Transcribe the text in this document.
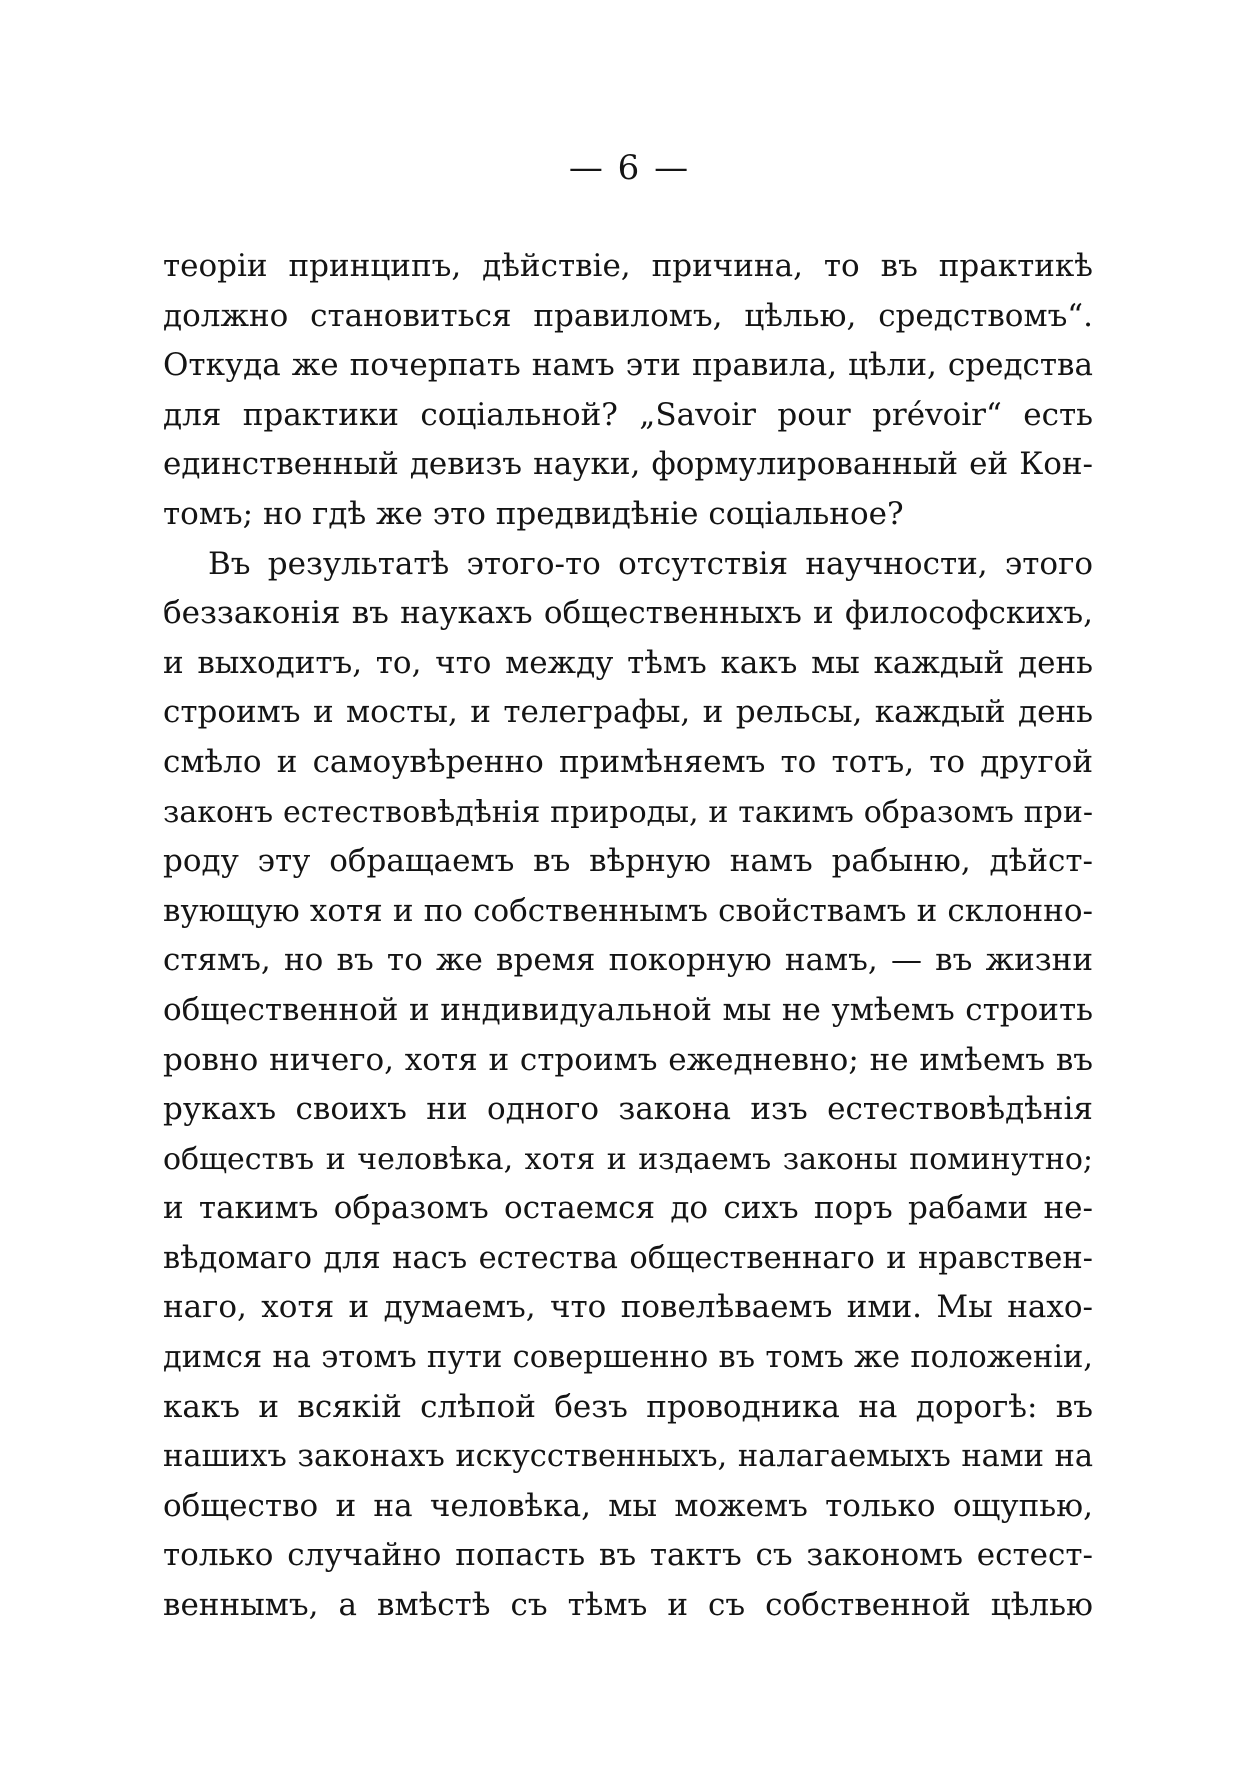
— 6 —
теоріи принципъ, дѣйствіе, причина, то въ практикѣ
должно становиться правиломъ, цѣлью, средствомъ“.
Откуда же почерпать намъ эти правила, цѣли, средства
для практики соціальной? „Savoir pour prévoir“ есть
единственный девизъ науки, формулированный ей Кон-
томъ; но гдѣ же это предвидѣніе соціальное?
Въ результатѣ этого-то отсутствія научности, этого
беззаконія въ наукахъ общественныхъ и философскихъ,
и выходитъ, то, что между тѣмъ какъ мы каждый день
строимъ и мосты, и телеграфы, и рельсы, каждый день
смѣло и самоувѣренно примѣняемъ то тотъ, то другой
законъ естествовѣдѣнія природы, и такимъ образомъ при-
роду эту обращаемъ въ вѣрную намъ рабыню, дѣйст-
вующую хотя и по собственнымъ свойствамъ и склонно-
стямъ, но въ то же время покорную намъ, — въ жизни
общественной и индивидуальной мы не умѣемъ строить
ровно ничего, хотя и строимъ ежедневно; не имѣемъ въ
рукахъ своихъ ни одного закона изъ естествовѣдѣнія
обществъ и человѣка, хотя и издаемъ законы поминутно;
и такимъ образомъ остаемся до сихъ поръ рабами не-
вѣдомаго для насъ естества общественнаго и нравствен-
наго, хотя и думаемъ, что повелѣваемъ ими. Мы нахо-
димся на этомъ пути совершенно въ томъ же положеніи,
какъ и всякій слѣпой безъ проводника на дорогѣ: въ
нашихъ законахъ искусственныхъ, налагаемыхъ нами на
общество и на человѣка, мы можемъ только ощупью,
только случайно попасть въ тактъ съ закономъ естест-
веннымъ, а вмѣстѣ съ тѣмъ и съ собственной цѣлью
